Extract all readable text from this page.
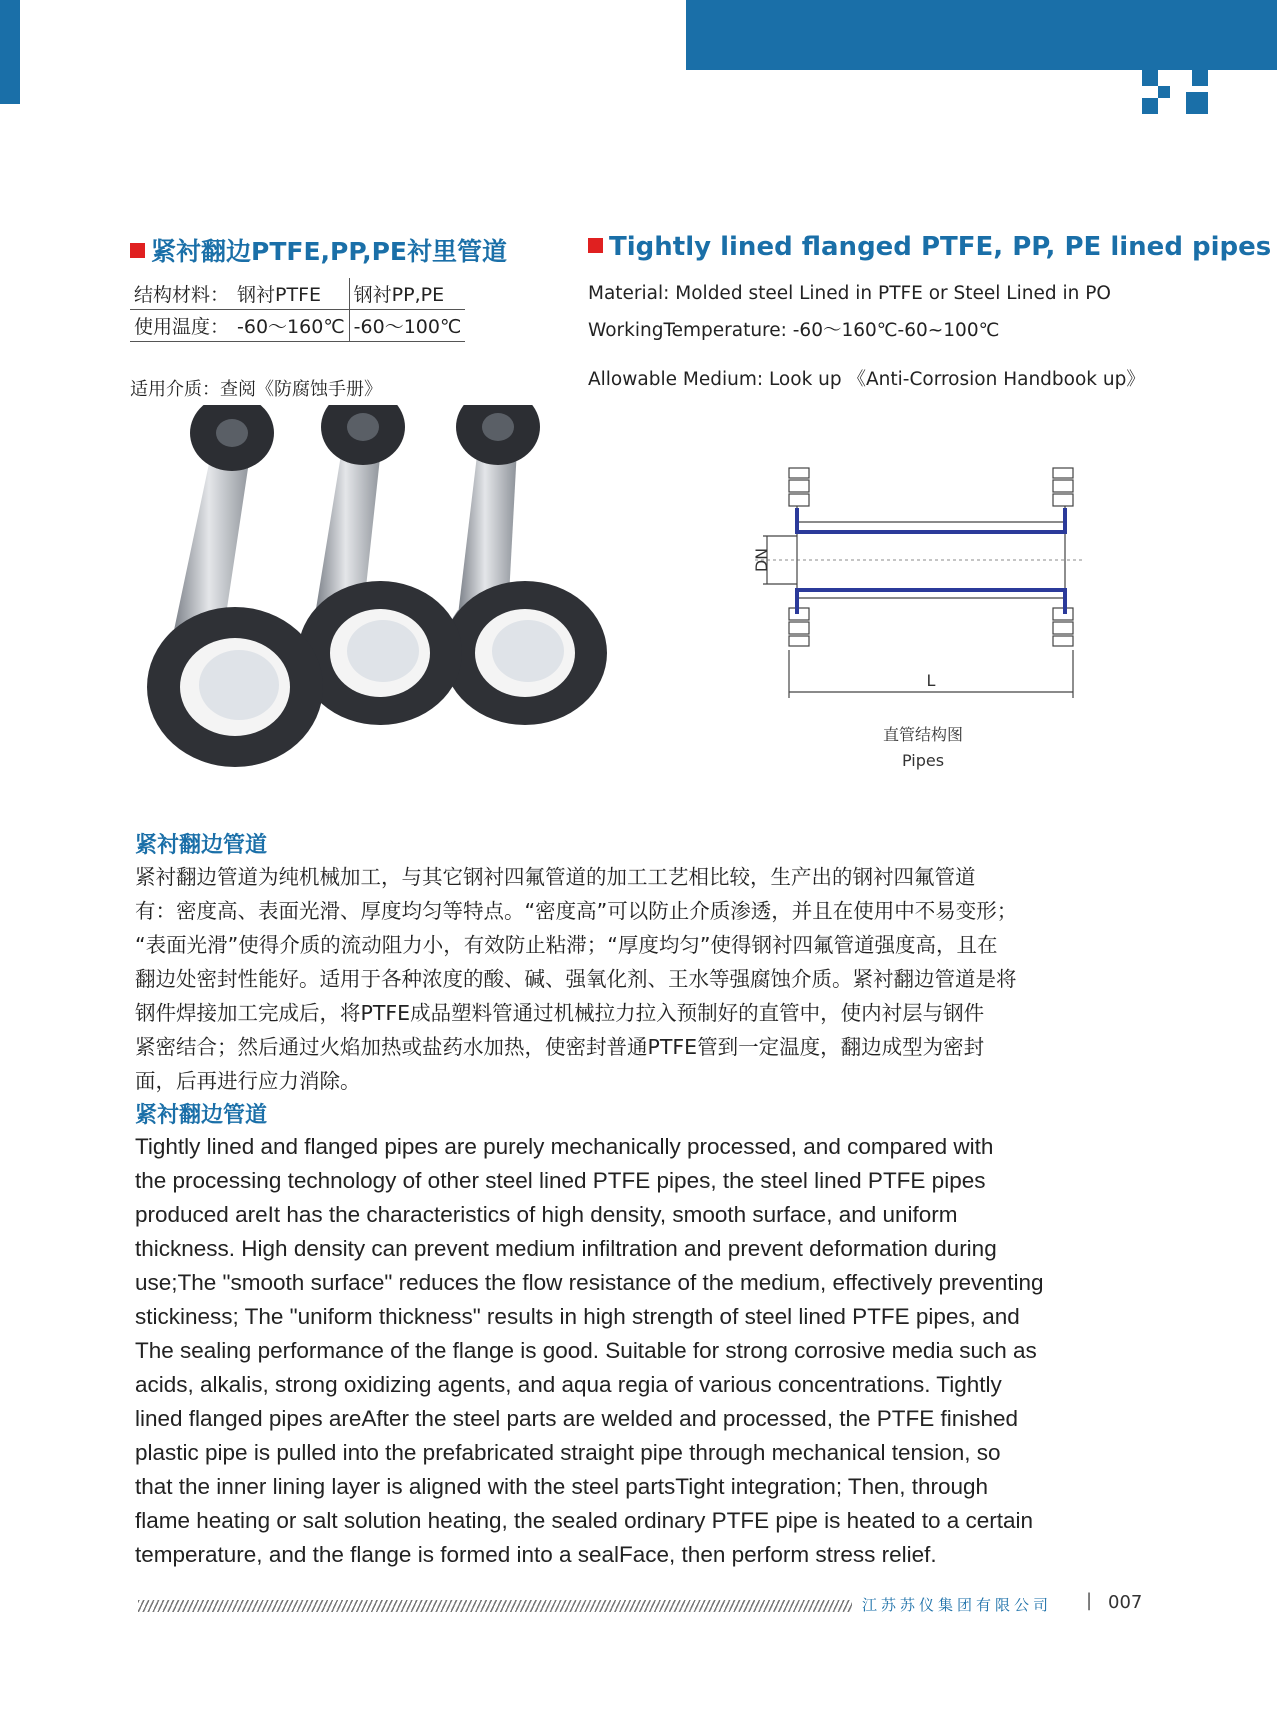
紧衬翻边PTFE,PP,PE衬里管道	Tightly lined flanged PTFE, PP, PE lined pipes
结构材料：	钢衬PTFE	钢衬PP,PE
使用温度：	-60～160℃	-60～100℃
适用介质：查阅《防腐蚀手册》
Material: Molded steel Lined in PTFE or Steel Lined in PO
WorkingTemperature: -60～160℃-60~100℃
Allowable Medium: Look up 《Anti-Corrosion Handbook up》
DN
L
直管结构图
Pipes
紧衬翻边管道
紧衬翻边管道为纯机械加工，与其它钢衬四氟管道的加工工艺相比较，生产出的钢衬四氟管道
有：密度高、表面光滑、厚度均匀等特点。“密度高”可以防止介质渗透，并且在使用中不易变形；
“表面光滑”使得介质的流动阻力小，有效防止粘滞；“厚度均匀”使得钢衬四氟管道强度高，且在
翻边处密封性能好。适用于各种浓度的酸、碱、强氧化剂、王水等强腐蚀介质。紧衬翻边管道是将
钢件焊接加工完成后，将PTFE成品塑料管通过机械拉力拉入预制好的直管中，使内衬层与钢件
紧密结合；然后通过火焰加热或盐药水加热，使密封普通PTFE管到一定温度，翻边成型为密封
面，后再进行应力消除。
紧衬翻边管道
Tightly lined and flanged pipes are purely mechanically processed, and compared with
the processing technology of other steel lined PTFE pipes, the steel lined PTFE pipes
produced areIt has the characteristics of high density, smooth surface, and uniform
thickness. High density can prevent medium infiltration and prevent deformation during
use;The "smooth surface" reduces the flow resistance of the medium, effectively preventing
stickiness; The "uniform thickness" results in high strength of steel lined PTFE pipes, and
The sealing performance of the flange is good. Suitable for strong corrosive media such as
acids, alkalis, strong oxidizing agents, and aqua regia of various concentrations. Tightly
lined flanged pipes areAfter the steel parts are welded and processed, the PTFE finished
plastic pipe is pulled into the prefabricated straight pipe through mechanical tension, so
that the inner lining layer is aligned with the steel partsTight integration; Then, through
flame heating or salt solution heating, the sealed ordinary PTFE pipe is heated to a certain
temperature, and the flange is formed into a sealFace, then perform stress relief.
江苏苏仪集团有限公司 | 007
